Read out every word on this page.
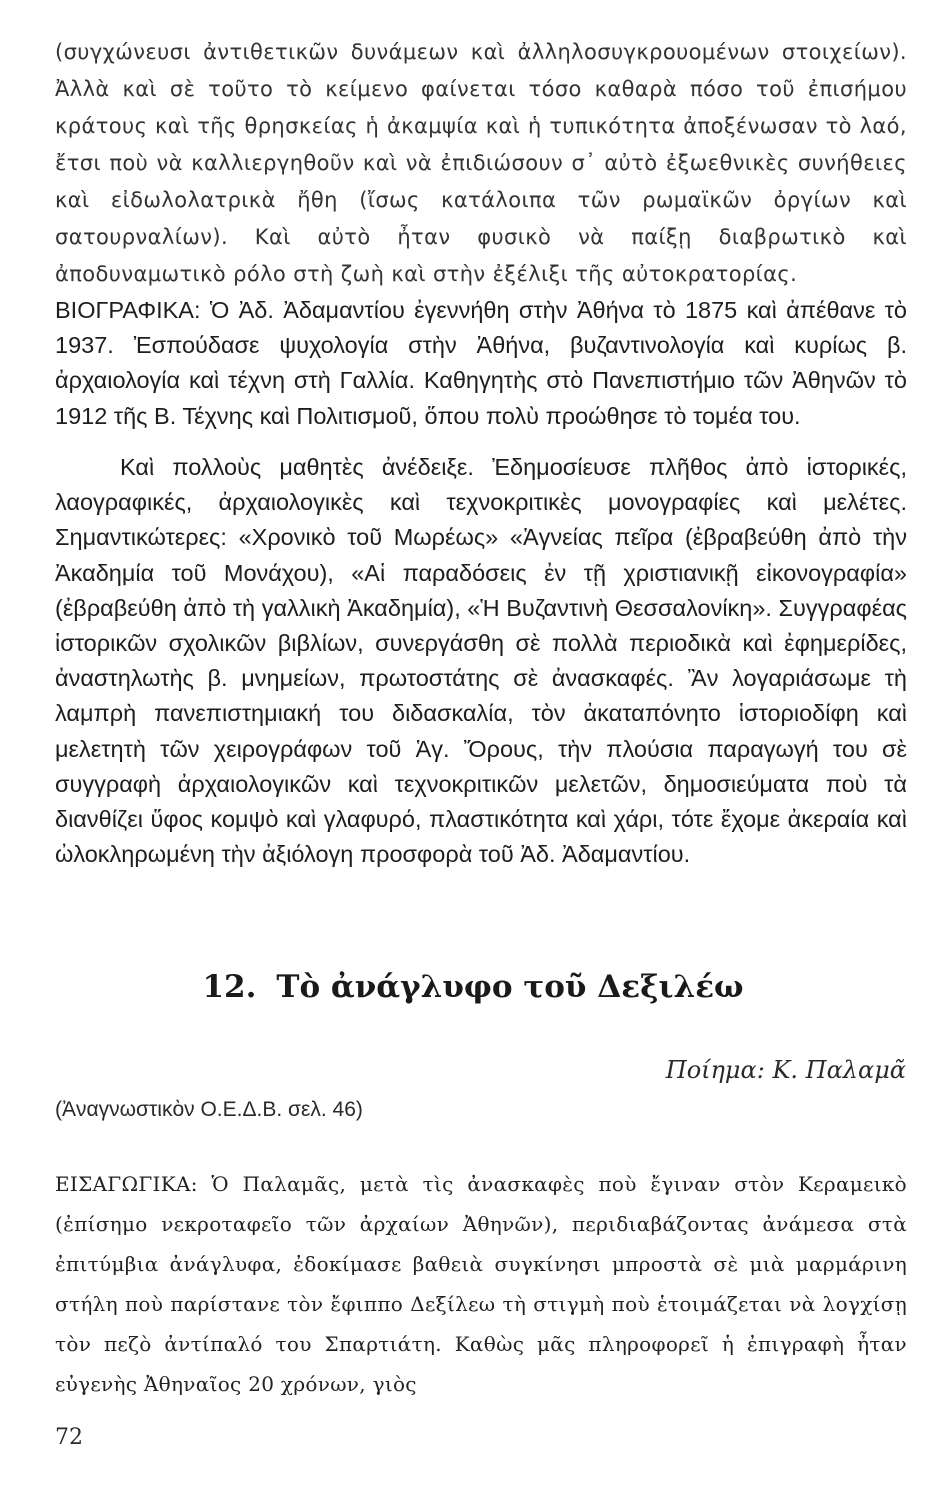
(συγχώνευσι ἀντιθετικῶν δυνάμεων καὶ ἀλληλοσυγκρουομένων στοιχείων). Ἀλλὰ καὶ σὲ τοῦτο τὸ κείμενο φαίνεται τόσο καθαρὰ πόσο τοῦ ἐπισήμου κράτους καὶ τῆς θρησκείας ἡ ἀκαμψία καὶ ἡ τυπικότητα ἀποξένωσαν τὸ λαό, ἔτσι ποὺ νὰ καλλιεργηθοῦν καὶ νὰ ἐπιδιώσουν σ᾽ αὐτὸ ἐξωεθνικὲς συνήθειες καὶ εἰδωλολατρικὰ ἤθη (ἴσως κατάλοιπα τῶν ρωμαϊκῶν ὀργίων καὶ σατουρναλίων). Καὶ αὐτὸ ἦταν φυσικὸ νὰ παίξῃ διαβρωτικὸ καὶ ἀποδυναμωτικὸ ρόλο στὴ ζωὴ καὶ στὴν ἐξέλιξι τῆς αὐτοκρατορίας.

ΒΙΟΓΡΑΦΙΚΑ: Ὁ Ἀδ. Ἀδαμαντίου ἐγεννήθη στὴν Ἀθήνα τὸ 1875 καὶ ἀπέθανε τὸ 1937. Ἐσπούδασε ψυχολογία στὴν Ἀθήνα, βυζαντινολογία καὶ κυρίως β. ἀρχαιολογία καὶ τέχνη στὴ Γαλλία. Καθηγητὴς στὸ Πανεπιστήμιο τῶν Ἀθηνῶν τὸ 1912 τῆς Β. Τέχνης καὶ Πολιτισμοῦ, ὅπου πολὺ προώθησε τὸ τομέα του.

Καὶ πολλοὺς μαθητὲς ἀνέδειξε. Ἐδημοσίευσε πλῆθος ἀπὸ ἱστορικές, λαογραφικές, ἀρχαιολογικὲς καὶ τεχνοκριτικὲς μονογραφίες καὶ μελέτες. Σημαντικώτερες: «Χρονικὸ τοῦ Μωρέως» «Ἁγνείας πεῖρα (ἐβραβεύθη ἀπὸ τὴν Ἀκαδημία τοῦ Μονάχου), «Αἱ παραδόσεις ἐν τῇ χριστιανικῇ εἰκονογραφία» (ἐβραβεύθη ἀπὸ τὴ γαλλικὴ Ἀκαδημία), «Ἡ Βυζαντινὴ Θεσσαλονίκη». Συγγραφέας ἱστορικῶν σχολικῶν βιβλίων, συνεργάσθη σὲ πολλὰ περιοδικὰ καὶ ἐφημερίδες, ἀναστηλωτὴς β. μνημείων, πρωτοστάτης σὲ ἀνασκαφές. Ἂν λογαριάσωμε τὴ λαμπρὴ πανεπιστημιακή του διδασκαλία, τὸν ἀκαταπόνητο ἱστοριοδίφη καὶ μελετητὴ τῶν χειρογράφων τοῦ Ἁγ. Ὄρους, τὴν πλούσια παραγωγή του σὲ συγγραφὴ ἀρχαιολογικῶν καὶ τεχνοκριτικῶν μελετῶν, δημοσιεύματα ποὺ τὰ διανθίζει ὕφος κομψὸ καὶ γλαφυρό, πλαστικότητα καὶ χάρι, τότε ἔχομε ἀκεραία καὶ ὠλοκληρωμένη τὴν ἀξιόλογη προσφορὰ τοῦ Ἀδ. Ἀδαμαντίου.

12. Τὸ ἀνάγλυφο τοῦ Δεξιλέω

Ποίημα: Κ. Παλαμᾶ

(Ἀναγνωστικὸν Ο.Ε.Δ.Β. σελ. 46)

ΕΙΣΑΓΩΓΙΚΑ: Ὁ Παλαμᾶς, μετὰ τὶς ἀνασκαφὲς ποὺ ἔγιναν στὸν Κεραμεικὸ (ἐπίσημο νεκροταφεῖο τῶν ἀρχαίων Ἀθηνῶν), περιδιαβάζοντας ἀνάμεσα στὰ ἐπιτύμβια ἀνάγλυφα, ἐδοκίμασε βαθειὰ συγκίνησι μπροστὰ σὲ μιὰ μαρμάρινη στήλη ποὺ παρίστανε τὸν ἔφιππο Δεξίλεω τὴ στιγμὴ ποὺ ἑτοιμάζεται νὰ λογχίσῃ τὸν πεζὸ ἀντίπαλό του Σπαρτιάτη. Καθὼς μᾶς πληροφορεῖ ἡ ἐπιγραφὴ ἦταν εὐγενὴς Ἀθηναῖος 20 χρόνων, γιὸς

72
